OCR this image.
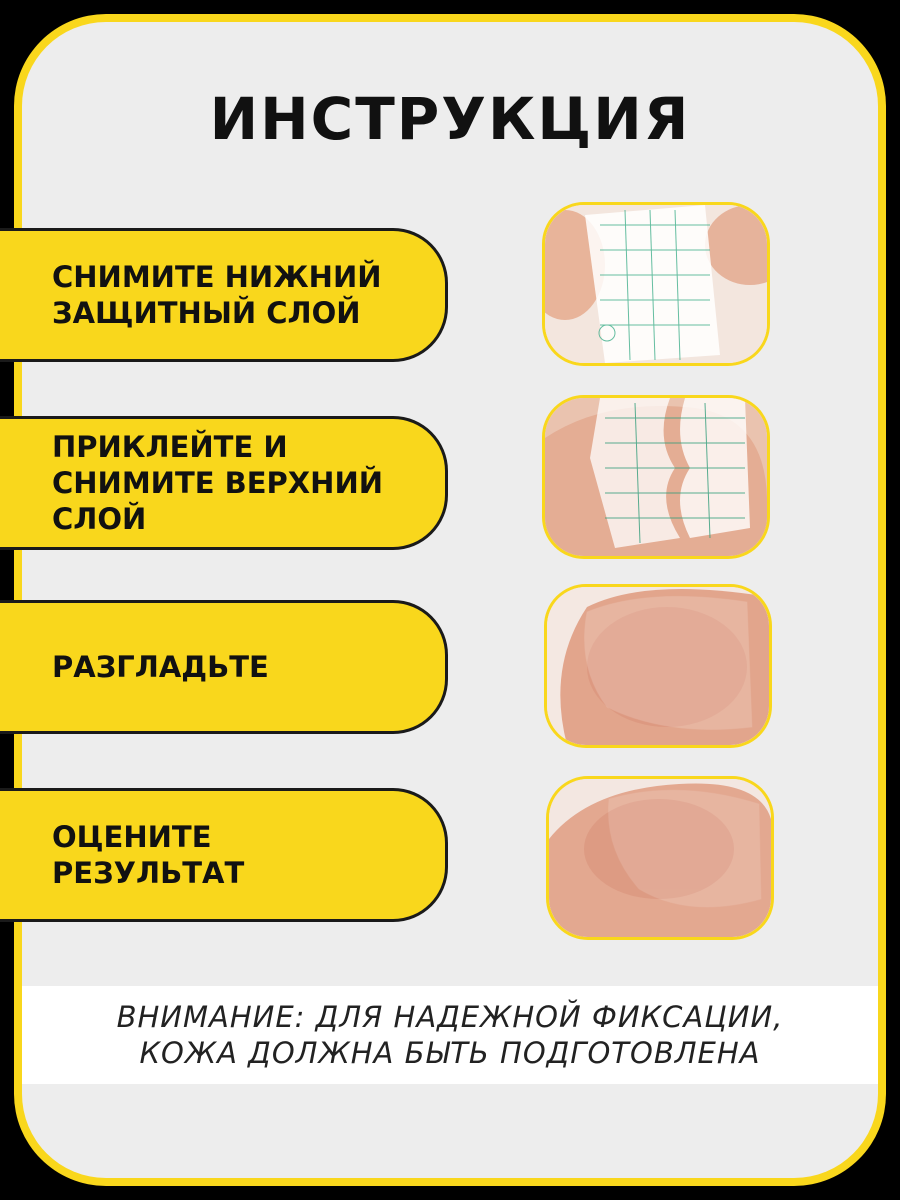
ИНСТРУКЦИЯ
СНИМИТЕ НИЖНИЙ
ЗАЩИТНЫЙ СЛОЙ
ПРИКЛЕЙТЕ И
СНИМИТЕ ВЕРХНИЙ
СЛОЙ
РАЗГЛАДЬТЕ
ОЦЕНИТЕ
РЕЗУЛЬТАТ
ВНИМАНИЕ: ДЛЯ НАДЕЖНОЙ ФИКСАЦИИ,
КОЖА ДОЛЖНА БЫТЬ ПОДГОТОВЛЕНА
